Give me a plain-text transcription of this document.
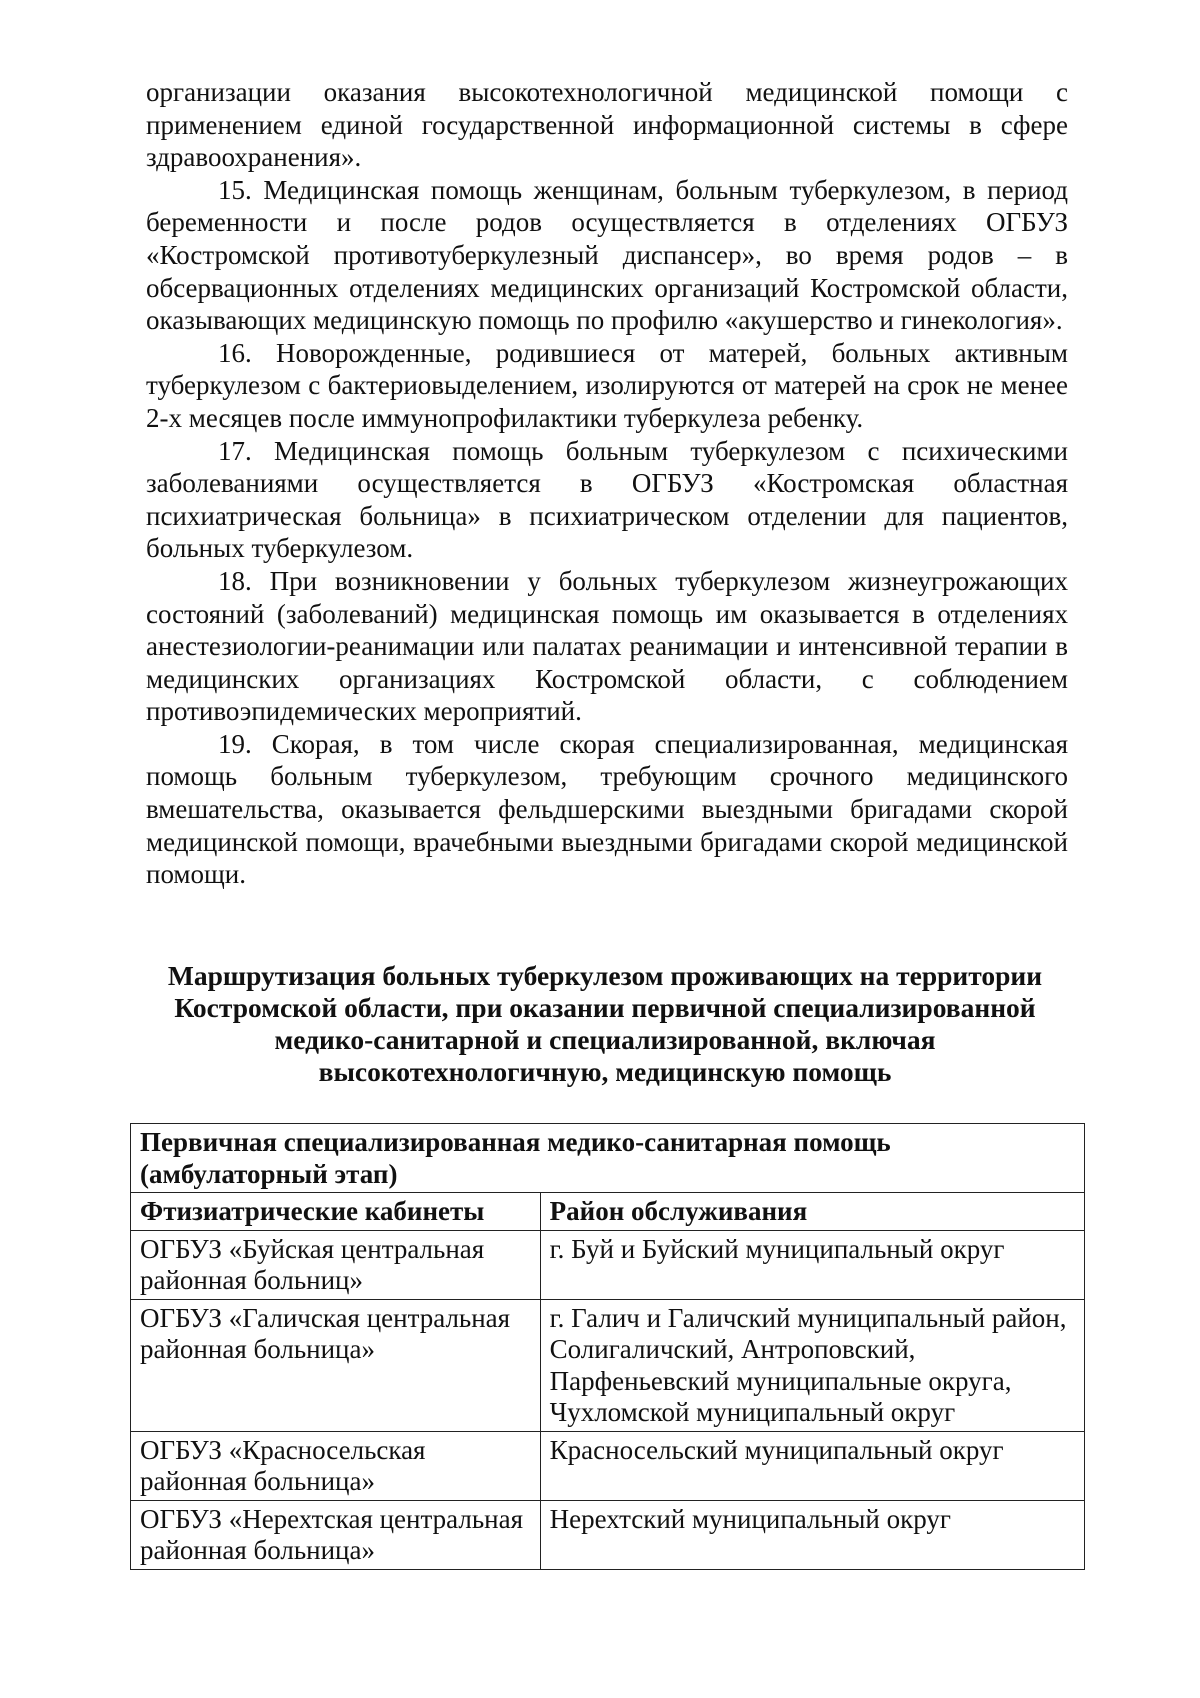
организации оказания высокотехнологичной медицинской помощи с применением единой государственной информационной системы в сфере здравоохранения».

15. Медицинская помощь женщинам, больным туберкулезом, в период беременности и после родов осуществляется в отделениях ОГБУЗ «Костромской противотуберкулезный диспансер», во время родов – в обсервационных отделениях медицинских организаций Костромской области, оказывающих медицинскую помощь по профилю «акушерство и гинекология».

16. Новорожденные, родившиеся от матерей, больных активным туберкулезом с бактериовыделением, изолируются от матерей на срок не менее 2-х месяцев после иммунопрофилактики туберкулеза ребенку.

17. Медицинская помощь больным туберкулезом с психическими заболеваниями осуществляется в ОГБУЗ «Костромская областная психиатрическая больница» в психиатрическом отделении для пациентов, больных туберкулезом.

18. При возникновении у больных туберкулезом жизнеугрожающих состояний (заболеваний) медицинская помощь им оказывается в отделениях анестезиологии-реанимации или палатах реанимации и интенсивной терапии в медицинских организациях Костромской области, с соблюдением противоэпидемических мероприятий.

19. Скорая, в том числе скорая специализированная, медицинская помощь больным туберкулезом, требующим срочного медицинского вмешательства, оказывается фельдшерскими выездными бригадами скорой медицинской помощи, врачебными выездными бригадами скорой медицинской помощи.

Маршрутизация больных туберкулезом проживающих на территории Костромской области, при оказании первичной специализированной медико-санитарной и специализированной, включая высокотехнологичную, медицинскую помощь
Первичная специализированная медико-санитарная помощь (амбулаторный этап)	
Фтизиатрические кабинеты	Район обслуживания
ОГБУЗ «Буйская центральная районная больниц»	г. Буй и Буйский муниципальный округ
ОГБУЗ «Галичская центральная районная больница»	г. Галич и Галичский муниципальный район, Солигаличский, Антроповский, Парфеньевский муниципальные округа, Чухломской муниципальный округ
ОГБУЗ «Красносельская районная больница»	Красносельский муниципальный округ
ОГБУЗ «Нерехтская центральная районная больница»	Нерехтский муниципальный округ
